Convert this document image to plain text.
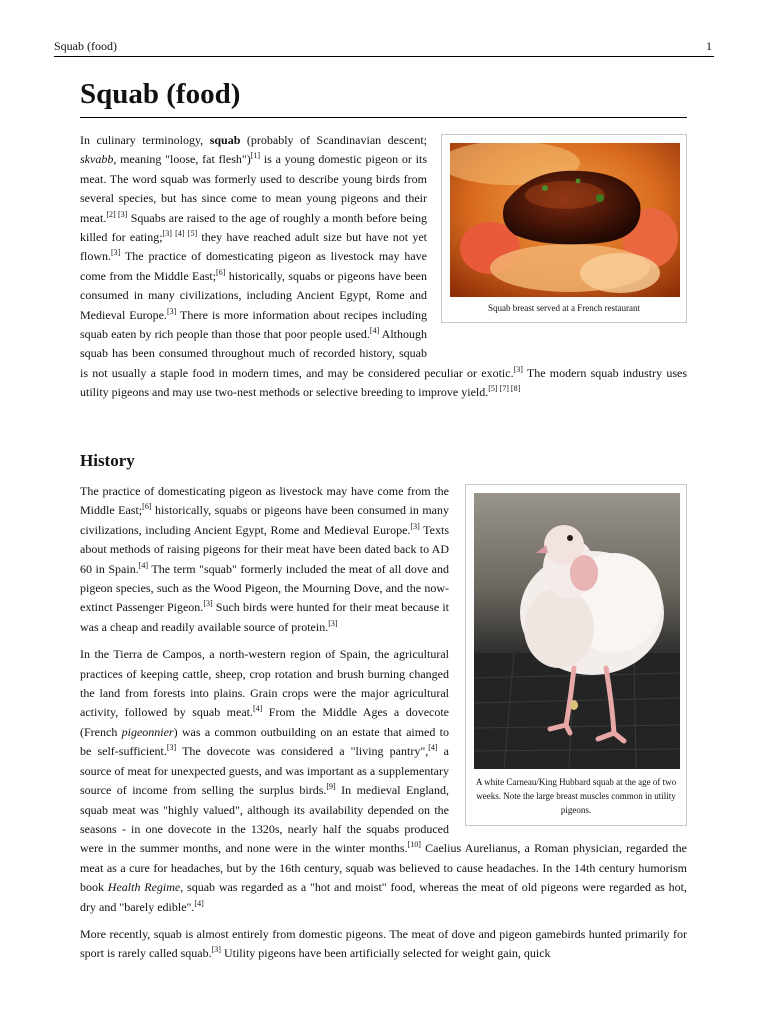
Squab (food)	1
Squab (food)
Squab breast served at a French restaurant

In culinary terminology, squab (probably of Scandinavian descent; skvabb, meaning "loose, fat flesh")[1] is a young domestic pigeon or its meat. The word squab was formerly used to describe young birds from several species, but has since come to mean young pigeons and their meat.[2] [3] Squabs are raised to the age of roughly a month before being killed for eating;[3] [4] [5] they have reached adult size but have not yet flown.[3] The practice of domesticating pigeon as livestock may have come from the Middle East;[6] historically, squabs or pigeons have been consumed in many civilizations, including Ancient Egypt, Rome and Medieval Europe.[3] There is more information about recipes including squab eaten by rich people than those that poor people used.[4] Although squab has been consumed throughout much of recorded history, squab is not usually a staple food in modern times, and may be considered peculiar or exotic.[3] The modern squab industry uses utility pigeons and may use two-nest methods or selective breeding to improve yield.[5] [7] [8]

History
A white Carneau/King Hubbard squab at the age of two weeks. Note the large breast muscles common in utility pigeons.

The practice of domesticating pigeon as livestock may have come from the Middle East;[6] historically, squabs or pigeons have been consumed in many civilizations, including Ancient Egypt, Rome and Medieval Europe.[3] Texts about methods of raising pigeons for their meat have been dated back to AD 60 in Spain.[4] The term "squab" formerly included the meat of all dove and pigeon species, such as the Wood Pigeon, the Mourning Dove, and the now-extinct Passenger Pigeon.[3] Such birds were hunted for their meat because it was a cheap and readily available source of protein.[3]

In the Tierra de Campos, a north-western region of Spain, the agricultural practices of keeping cattle, sheep, crop rotation and brush burning changed the land from forests into plains. Grain crops were the major agricultural activity, followed by squab meat.[4] From the Middle Ages a dovecote (French pigeonnier) was a common outbuilding on an estate that aimed to be self-sufficient.[3] The dovecote was considered a "living pantry",[4] a source of meat for unexpected guests, and was important as a supplementary source of income from selling the surplus birds.[9] In medieval England, squab meat was "highly valued", although its availability depended on the seasons - in one dovecote in the 1320s, nearly half the squabs produced were in the summer months, and none were in the winter months.[10] Caelius Aurelianus, a Roman physician, regarded the meat as a cure for headaches, but by the 16th century, squab was believed to cause headaches. In the 14th century humorism book Health Regime, squab was regarded as a "hot and moist" food, whereas the meat of old pigeons were regarded as hot, dry and "barely edible".[4]

More recently, squab is almost entirely from domestic pigeons. The meat of dove and pigeon gamebirds hunted primarily for sport is rarely called squab.[3] Utility pigeons have been artificially selected for weight gain, quick
